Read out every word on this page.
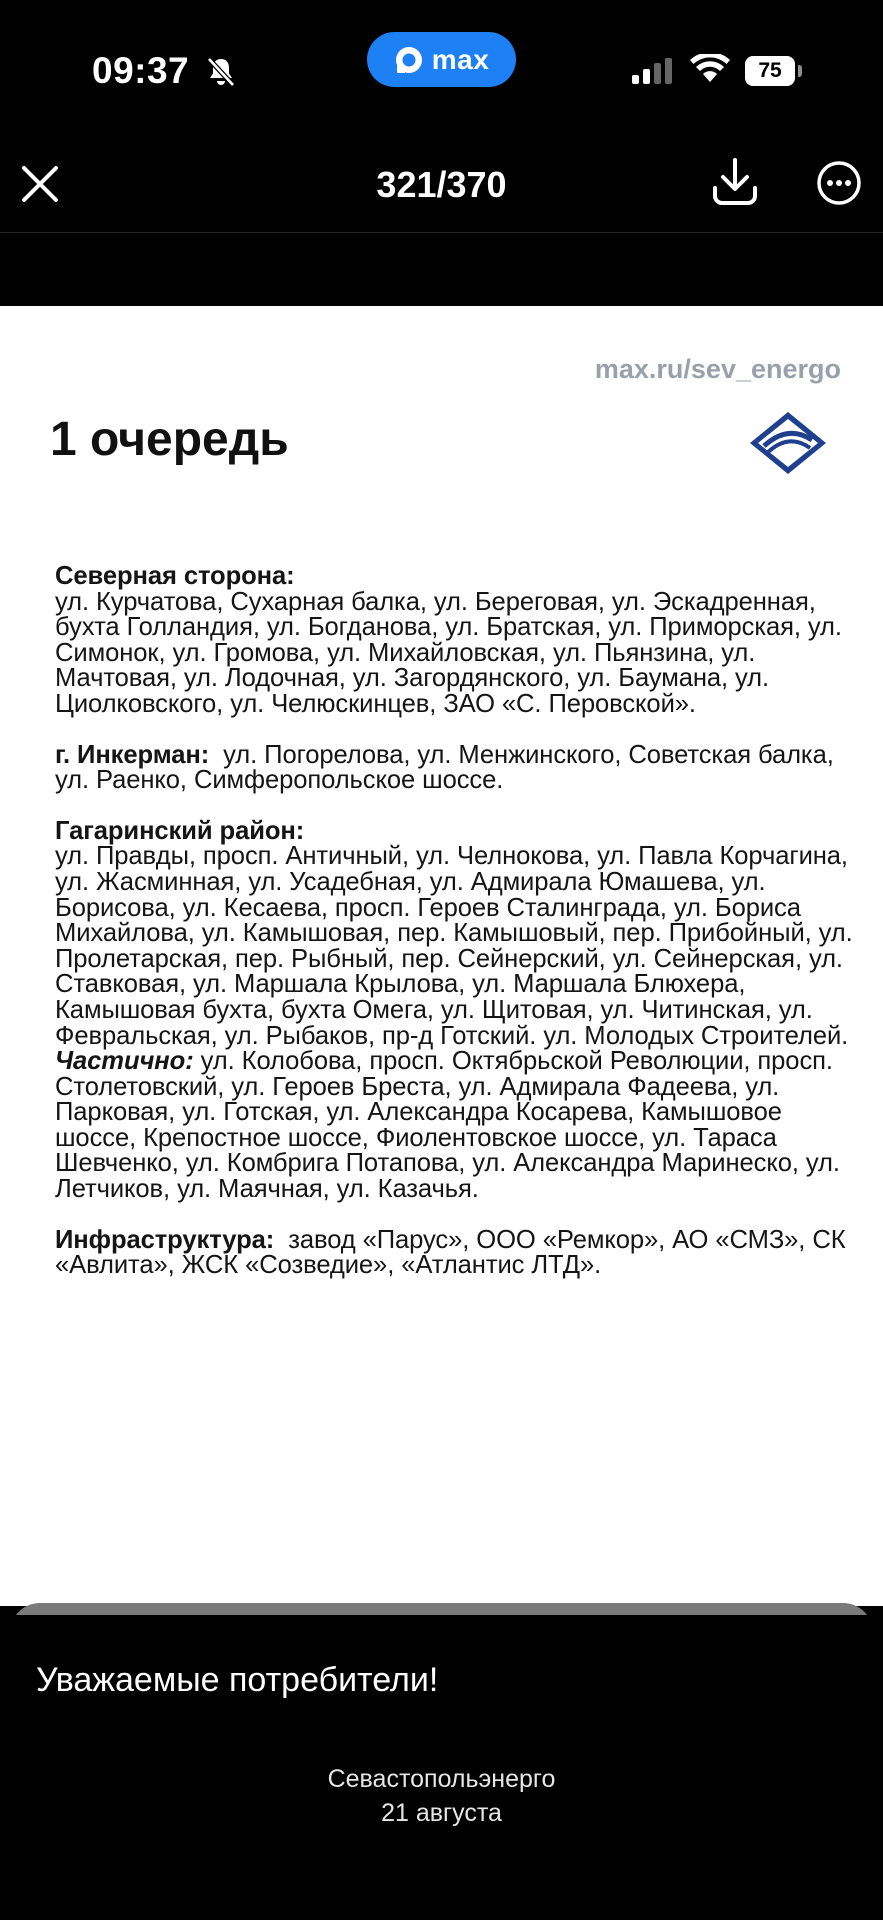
09:37	max	75
321/370
max.ru/sev_energo
1 очередь

Северная сторона:
ул. Курчатова, Сухарная балка, ул. Береговая, ул. Эскадренная, бухта Голландия, ул. Богданова, ул. Братская, ул. Приморская, ул. Симонок, ул. Громова, ул. Михайловская, ул. Пьянзина, ул. Мачтовая, ул. Лодочная, ул. Загордянского, ул. Баумана, ул. Циолковского, ул. Челюскинцев, ЗАО «С. Перовской».

г. Инкерман: ул. Погорелова, ул. Менжинского, Советская балка, ул. Раенко, Симферопольское шоссе.

Гагаринский район:
ул. Правды, просп. Античный, ул. Челнокова, ул. Павла Корчагина, ул. Жасминная, ул. Усадебная, ул. Адмирала Юмашева, ул. Борисова, ул. Кесаева, просп. Героев Сталинграда, ул. Бориса Михайлова, ул. Камышовая, пер. Камышовый, пер. Прибойный, ул. Пролетарская, пер. Рыбный, пер. Сейнерский, ул. Сейнерская, ул. Ставковая, ул. Маршала Крылова, ул. Маршала Блюхера, Камышовая бухта, бухта Омега, ул. Щитовая, ул. Читинская, ул. Февральская, ул. Рыбаков, пр-д Готский. ул. Молодых Строителей.
Частично: ул. Колобова, просп. Октябрьской Революции, просп. Столетовский, ул. Героев Бреста, ул. Адмирала Фадеева, ул. Парковая, ул. Готская, ул. Александра Косарева, Камышовое шоссе, Крепостное шоссе, Фиолентовское шоссе, ул. Тараса Шевченко, ул. Комбрига Потапова, ул. Александра Маринеско, ул. Летчиков, ул. Маячная, ул. Казачья.

Инфраструктура: завод «Парус», ООО «Ремкор», АО «СМЗ», СК «Авлита», ЖСК «Созведие», «Атлантис ЛТД».

Уважаемые потребители!
Севастопольэнерго
21 августа
